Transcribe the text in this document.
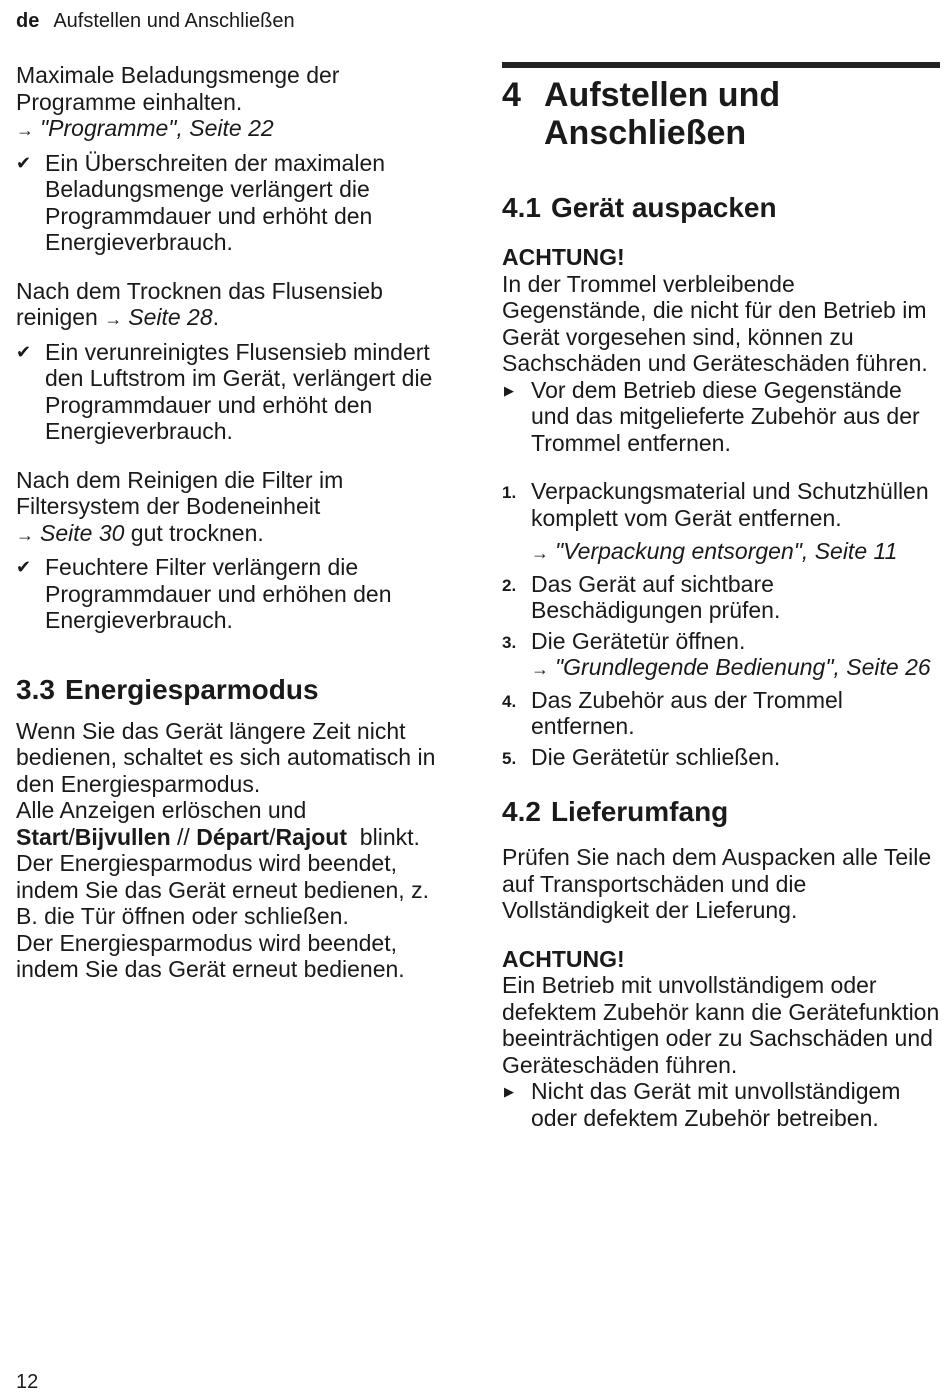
de Aufstellen und Anschließen

Maximale Beladungsmenge der Programme einhalten.

→ "Programme", Seite 22

✔ Ein Überschreiten der maximalen Beladungsmenge verlängert die Programmdauer und erhöht den Energieverbrauch.

Nach dem Trocknen das Flusensieb reinigen → Seite 28.

✔ Ein verunreinigtes Flusensieb mindert den Luftstrom im Gerät, verlängert die Programmdauer und erhöht den Energieverbrauch.

Nach dem Reinigen die Filter im Filtersystem der Bodeneinheit

→ Seite 30 gut trocknen.

✔ Feuchtere Filter verlängern die Programmdauer und erhöhen den Energieverbrauch.

3.3 Energiesparmodus

Wenn Sie das Gerät längere Zeit nicht bedienen, schaltet es sich automatisch in den Energiesparmodus.

Alle Anzeigen erlöschen und Start/Bijvullen // Départ/Rajout  blinkt.

Der Energiesparmodus wird beendet, indem Sie das Gerät erneut bedienen, z. B. die Tür öffnen oder schließen.

Der Energiesparmodus wird beendet, indem Sie das Gerät erneut bedienen.

4 Aufstellen und Anschließen
4.1 Gerät auspacken

ACHTUNG!

In der Trommel verbleibende Gegenstände, die nicht für den Betrieb im Gerät vorgesehen sind, können zu Sachschäden und Geräteschäden führen.

▶ Vor dem Betrieb diese Gegenstände und das mitgelieferte Zubehör aus der Trommel entfernen.

1. Verpackungsmaterial und Schutzhüllen komplett vom Gerät entfernen.

→ "Verpackung entsorgen", Seite 11

2. Das Gerät auf sichtbare Beschädigungen prüfen.

3. Die Gerätetür öffnen.

→ "Grundlegende Bedienung", Seite 26

4. Das Zubehör aus der Trommel entfernen.

5. Die Gerätetür schließen.

4.2 Lieferumfang

Prüfen Sie nach dem Auspacken alle Teile auf Transportschäden und die Vollständigkeit der Lieferung.

ACHTUNG!

Ein Betrieb mit unvollständigem oder defektem Zubehör kann die Gerätefunktion beeinträchtigen oder zu Sachschäden und Geräteschäden führen.

▶ Nicht das Gerät mit unvollständigem oder defektem Zubehör betreiben.

12
